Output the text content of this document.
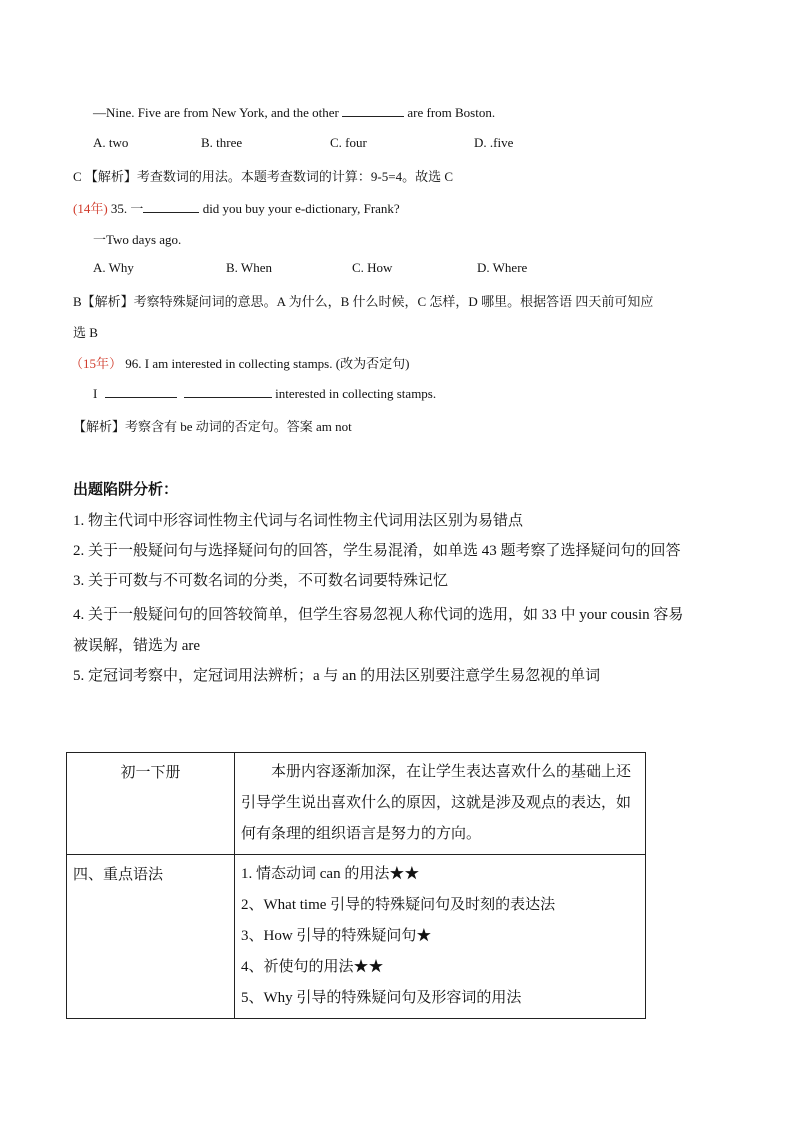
—Nine. Five are from New York, and the other	are from Boston.
A. two	B. three	C. four	D. .five
C 【解析】考查数词的用法。本题考查数词的计算：9-5=4。故选 C
(14年) 35. 一	did you buy your e-dictionary, Frank?
一Two days ago.
A. Why	B. When	C. How	D. Where
B【解析】考察特殊疑问词的意思。A 为什么，B 什么时候，C 怎样，D 哪里。根据答语 四天前可知应
选 B
（15年） 96. I am interested in collecting stamps. (改为否定句)
I	interested in collecting stamps.
【解析】考察含有 be 动词的否定句。答案 am not
出题陷阱分析：
1. 物主代词中形容词性物主代词与名词性物主代词用法区别为易错点
2. 关于一般疑问句与选择疑问句的回答，学生易混淆，如单选 43 题考察了选择疑问句的回答
3. 关于可数与不可数名词的分类，不可数名词要特殊记忆
4. 关于一般疑问句的回答较简单，但学生容易忽视人称代词的选用，如 33 中 your cousin 容易
被误解，错选为 are
5. 定冠词考察中，定冠词用法辨析；a 与 an 的用法区别要注意学生易忽视的单词
初一下册	本册内容逐渐加深，在让学生表达喜欢什么的基础上还引导学生说出喜欢什么的原因，这就是涉及观点的表达，如何有条理的组织语言是努力的方向。

四、重点语法	1. 情态动词 can 的用法★★
2、What time 引导的特殊疑问句及时刻的表达法
3、How 引导的特殊疑问句★
4、祈使句的用法★★
5、Why 引导的特殊疑问句及形容词的用法
